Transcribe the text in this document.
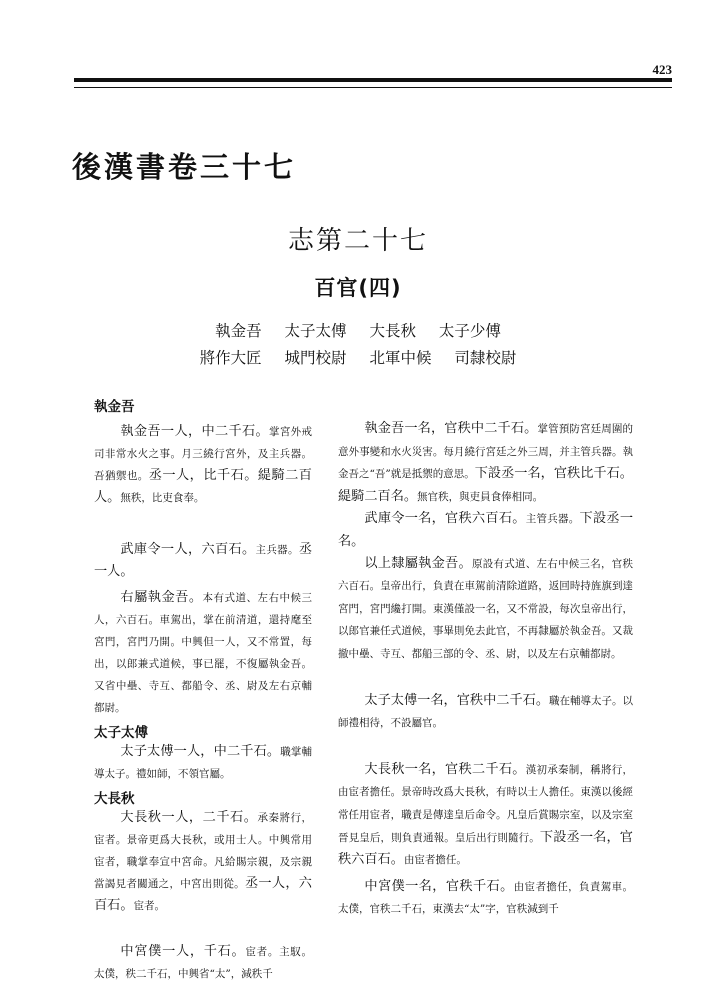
423
後漢書卷三十七
志第二十七
百官(四)
執金吾 太子太傅 大長秋 太子少傅
將作大匠 城門校尉 北軍中候 司隸校尉

執金吾

執金吾一人，中二千石。掌宮外戒司非常水火之事。月三繞行宮外，及主兵器。吾猶禦也。丞一人，比千石。緹騎二百人。無秩，比吏食奉。

武庫令一人，六百石。主兵器。丞一人。

右屬執金吾。本有式道、左右中候三人，六百石。車駕出，掌在前清道，還持麾至宮門，宮門乃開。中興但一人，又不常置，每出，以郎兼式道候，事已罷，不復屬執金吾。又省中壘、寺互、都船令、丞、尉及左右京輔都尉。

太子太傅

太子太傅一人，中二千石。職掌輔導太子。禮如師，不領官屬。

大長秋

大長秋一人，二千石。承秦將行，宦者。景帝更爲大長秋，或用士人。中興常用宦者，職掌奉宣中宮命。凡給賜宗親，及宗親當謁見者關通之，中宮出則從。丞一人，六百石。宦者。

中宮僕一人，千石。宦者。主馭。太僕，秩二千石，中興省“太”，減秩千

執金吾一名，官秩中二千石。掌管預防宮廷周圍的意外事變和水火災害。每月繞行宮廷之外三周，并主管兵器。執金吾之“吾”就是抵禦的意思。下設丞一名，官秩比千石。緹騎二百名。無官秩，與吏員食俸相同。

武庫令一名，官秩六百石。主管兵器。下設丞一名。

以上隸屬執金吾。原設有式道、左右中候三名，官秩六百石。皇帝出行，負責在車駕前清除道路，返回時持旌旗到達宮門，宮門纔打開。東漢僅設一名，又不常設，每次皇帝出行，以郎官兼任式道候，事畢則免去此官，不再隸屬於執金吾。又裁撤中壘、寺互、都船三部的令、丞、尉，以及左右京輔都尉。

太子太傅一名，官秩中二千石。職在輔導太子。以師禮相待，不設屬官。

大長秋一名，官秩二千石。漢初承秦制，稱將行，由宦者擔任。景帝時改爲大長秋，有時以士人擔任。東漢以後經常任用宦者，職責是傳達皇后命令。凡皇后賞賜宗室，以及宗室晉見皇后，則負責通報。皇后出行則隨行。下設丞一名，官秩六百石。由宦者擔任。

中宮僕一名，官秩千石。由宦者擔任，負責駕車。太僕，官秩二千石，東漢去“太”字，官秩減到千
